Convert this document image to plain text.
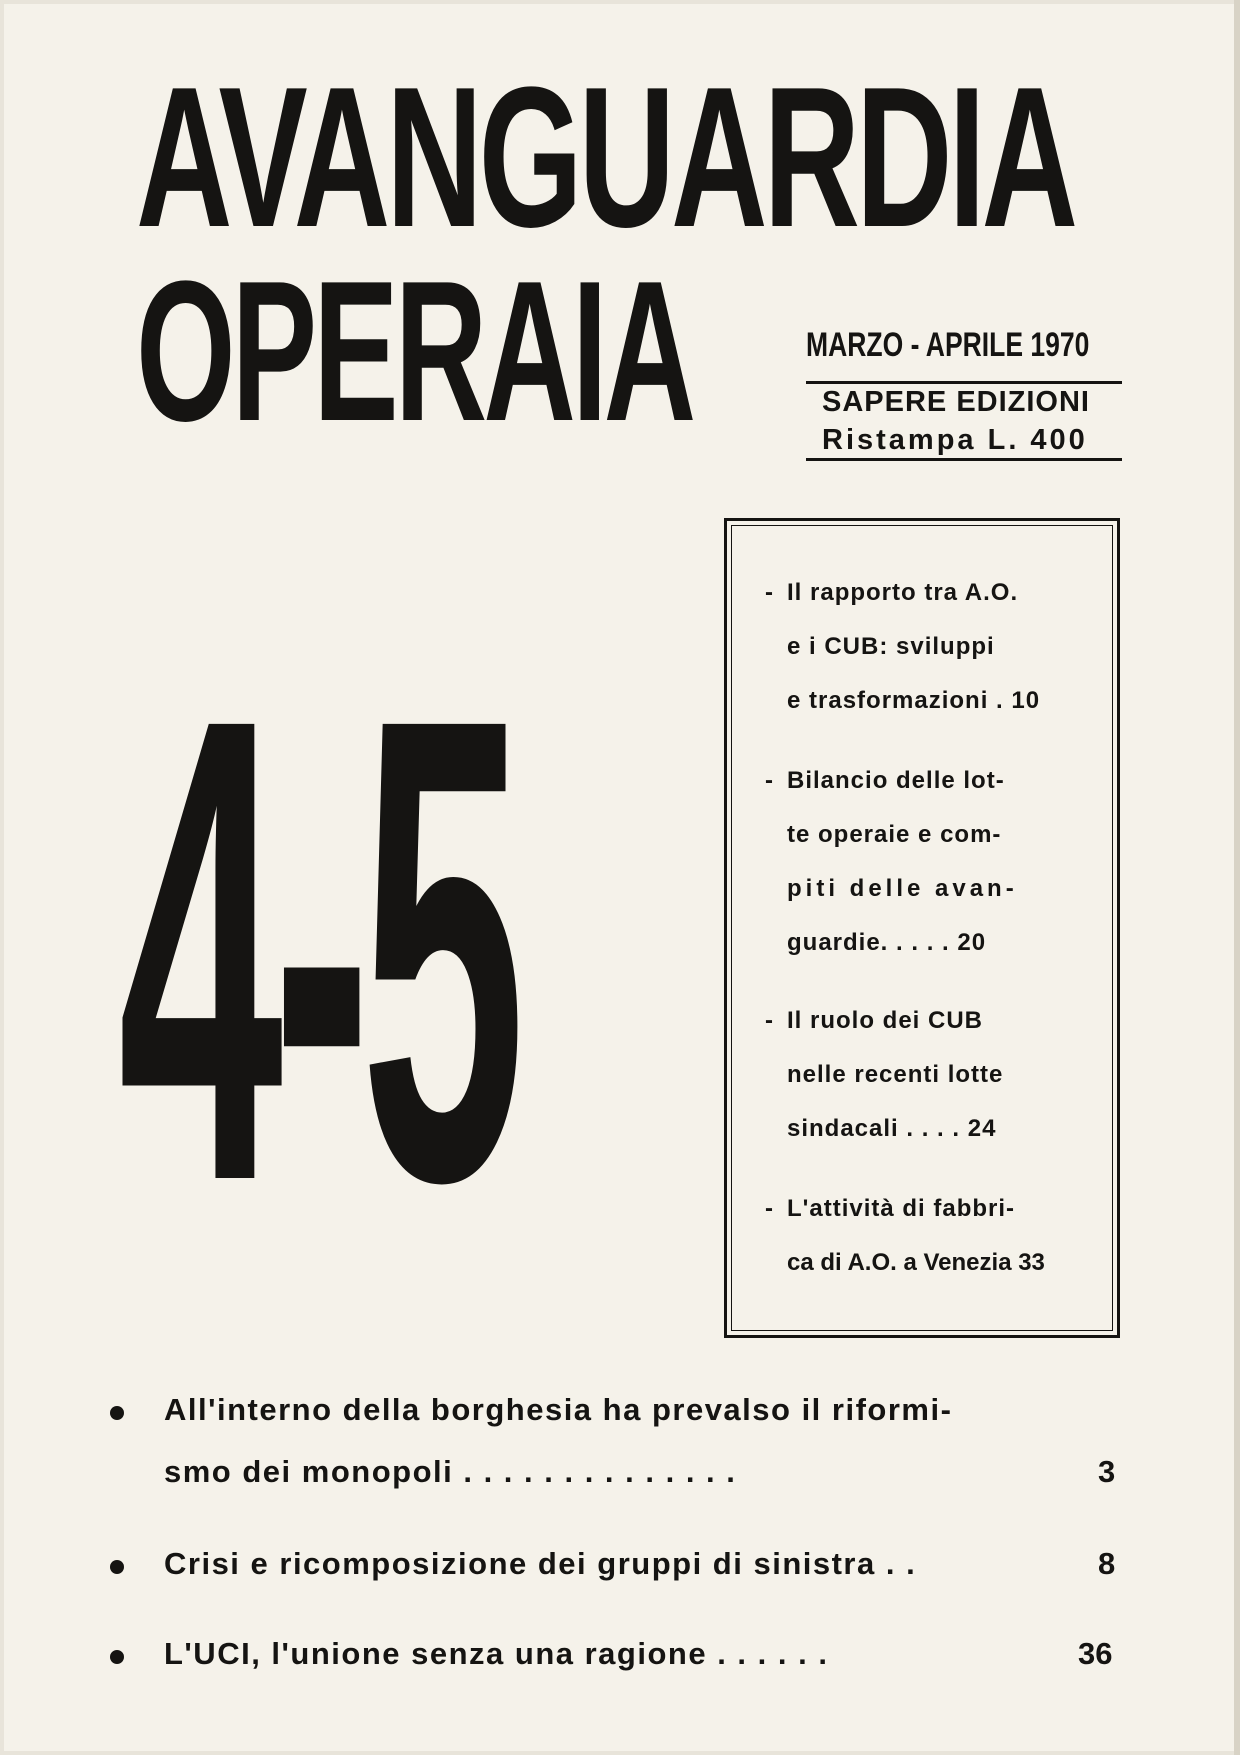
AVANGUARDIA
OPERAIA	MARZO - APRILE 1970
SAPERE EDIZIONI
Ristampa L. 400
4-5	- Il rapporto tra A.O.
e i CUB: sviluppi
e trasformazioni . 10
- Bilancio delle lot-
te operaie e com-
piti delle avan-
guardie. . . . . 20
- Il ruolo dei CUB
nelle recenti lotte
sindacali . . . . 24
- L'attività di fabbri-
ca di A.O. a Venezia 33
All'interno della borghesia ha prevalso il riformi-
smo dei monopoli . . . . . . . . . . . . . .	3
Crisi e ricomposizione dei gruppi di sinistra . .	8
L'UCI, l'unione senza una ragione . . . . . .	36
